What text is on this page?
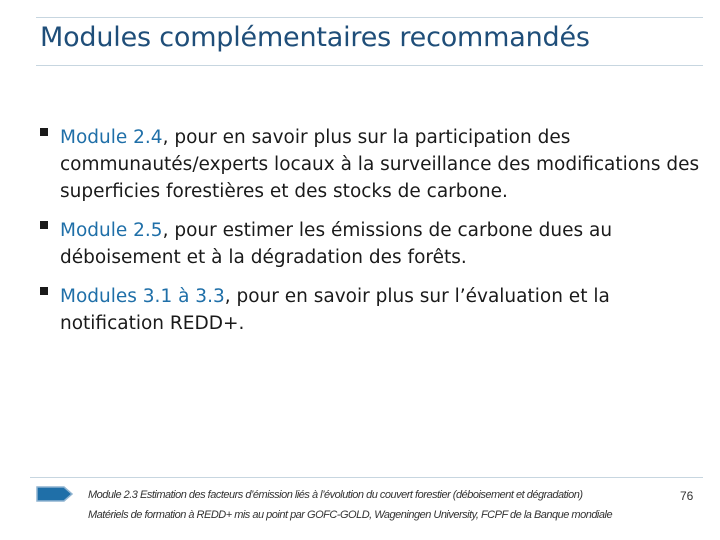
Modules complémentaires recommandés
Module 2.4, pour en savoir plus sur la participation des communautés/experts locaux à la surveillance des modifications des superficies forestières et des stocks de carbone.
Module 2.5, pour estimer les émissions de carbone dues au déboisement et à la dégradation des forêts.
Modules 3.1 à 3.3, pour en savoir plus sur l’évaluation et la notification REDD+.
Module 2.3 Estimation des facteurs d’émission liés à l’évolution du couvert forestier (déboisement et dégradation)
Matériels de formation à REDD+ mis au point par GOFC-GOLD, Wageningen University, FCPF de la Banque mondiale
76
